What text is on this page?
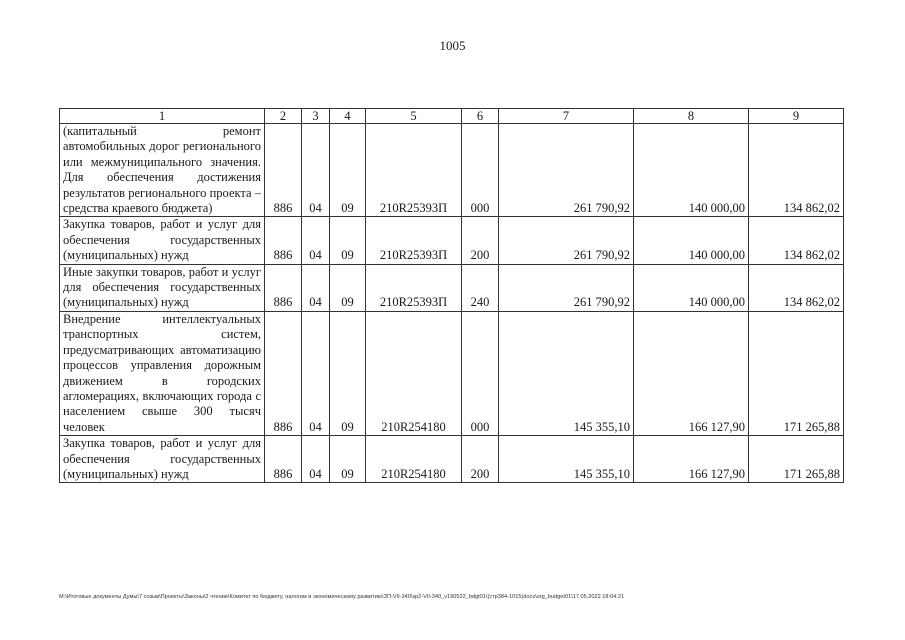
1005
1	2	3	4	5	6	7	8	9
(капитальный ремонт автомобильных дорог регионального или межмуниципального значения. Для обеспечения достижения результатов регионального проекта – средства краевого бюджета)	886	04	09	210R25393П	000	261 790,92	140 000,00	134 862,02
Закупка товаров, работ и услуг для обеспечения государственных (муниципальных) нужд	886	04	09	210R25393П	200	261 790,92	140 000,00	134 862,02
Иные закупки товаров, работ и услуг для обеспечения государственных (муниципальных) нужд	886	04	09	210R25393П	240	261 790,92	140 000,00	134 862,02
Внедрение интеллектуальных транспортных систем, предусматривающих автоматизацию процессов управления дорожным движением в городских агломерациях, включающих города с населением свыше 300 тысяч человек	886	04	09	210R254180	000	145 355,10	166 127,90	171 265,88
Закупка товаров, работ и услуг для обеспечения государственных (муниципальных) нужд	886	04	09	210R254180	200	145 355,10	166 127,90	171 265,88
M:\Итоговые документы Думы\7 созыв\Проекты\Законы\2 чтение\Комитет по бюджету, налогам и экономическому развитию\ЗП-VII-340\зр2-VII-340_v190522_bdgt01\(стр384-1015)docs\org_budget01\17.05.2022 18:04:21
